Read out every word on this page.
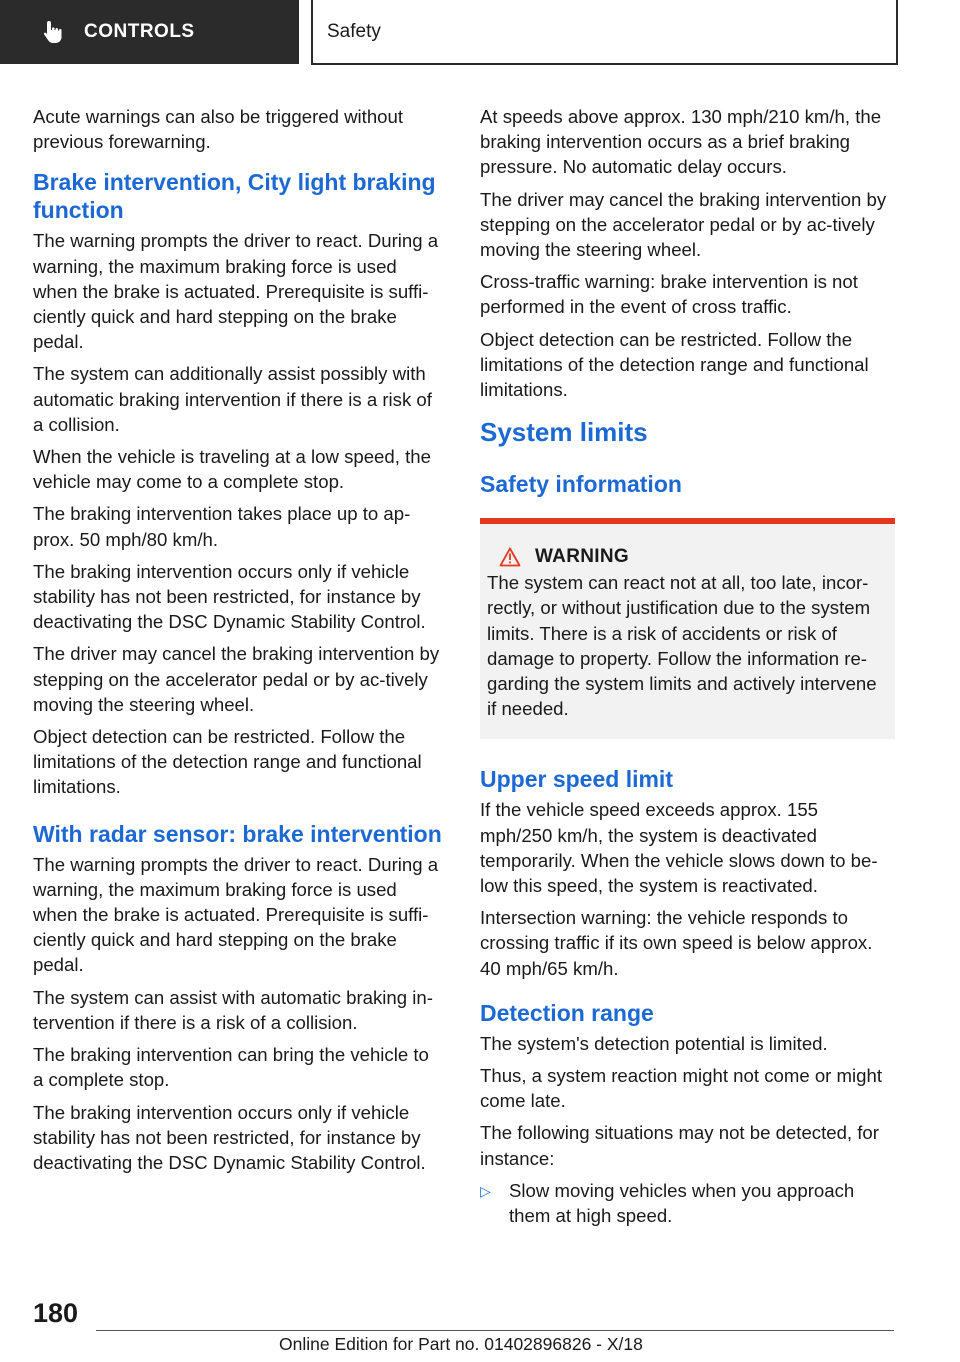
CONTROLS	Safety

Acute warnings can also be triggered without previous forewarning.

Brake intervention, City light braking function

The warning prompts the driver to react. During a warning, the maximum braking force is used when the brake is actuated. Prerequisite is suffi‐ciently quick and hard stepping on the brake pedal.

The system can additionally assist possibly with automatic braking intervention if there is a risk of a collision.

When the vehicle is traveling at a low speed, the vehicle may come to a complete stop.

The braking intervention takes place up to ap‐prox. 50 mph/80 km/h.

The braking intervention occurs only if vehicle stability has not been restricted, for instance by deactivating the DSC Dynamic Stability Control.

The driver may cancel the braking intervention by stepping on the accelerator pedal or by ac‐tively moving the steering wheel.

Object detection can be restricted. Follow the limitations of the detection range and functional limitations.

With radar sensor: brake intervention

The warning prompts the driver to react. During a warning, the maximum braking force is used when the brake is actuated. Prerequisite is suffi‐ciently quick and hard stepping on the brake pedal.

The system can assist with automatic braking in‐tervention if there is a risk of a collision.

The braking intervention can bring the vehicle to a complete stop.

The braking intervention occurs only if vehicle stability has not been restricted, for instance by deactivating the DSC Dynamic Stability Control.

At speeds above approx. 130 mph/210 km/h, the braking intervention occurs as a brief braking pressure. No automatic delay occurs.

The driver may cancel the braking intervention by stepping on the accelerator pedal or by ac‐tively moving the steering wheel.

Cross-traffic warning: brake intervention is not performed in the event of cross traffic.

Object detection can be restricted. Follow the limitations of the detection range and functional limitations.

System limits
Safety information
WARNING

The system can react not at all, too late, incor‐rectly, or without justification due to the system limits. There is a risk of accidents or risk of damage to property. Follow the information re‐garding the system limits and actively intervene if needed.

Upper speed limit

If the vehicle speed exceeds approx. 155 mph/250 km/h, the system is deactivated temporarily. When the vehicle slows down to be‐low this speed, the system is reactivated.

Intersection warning: the vehicle responds to crossing traffic if its own speed is below approx. 40 mph/65 km/h.

Detection range

The system's detection potential is limited.

Thus, a system reaction might not come or might come late.

The following situations may not be detected, for instance:

▷ Slow moving vehicles when you approach them at high speed.
180
Online Edition for Part no. 01402896826 - X/18
